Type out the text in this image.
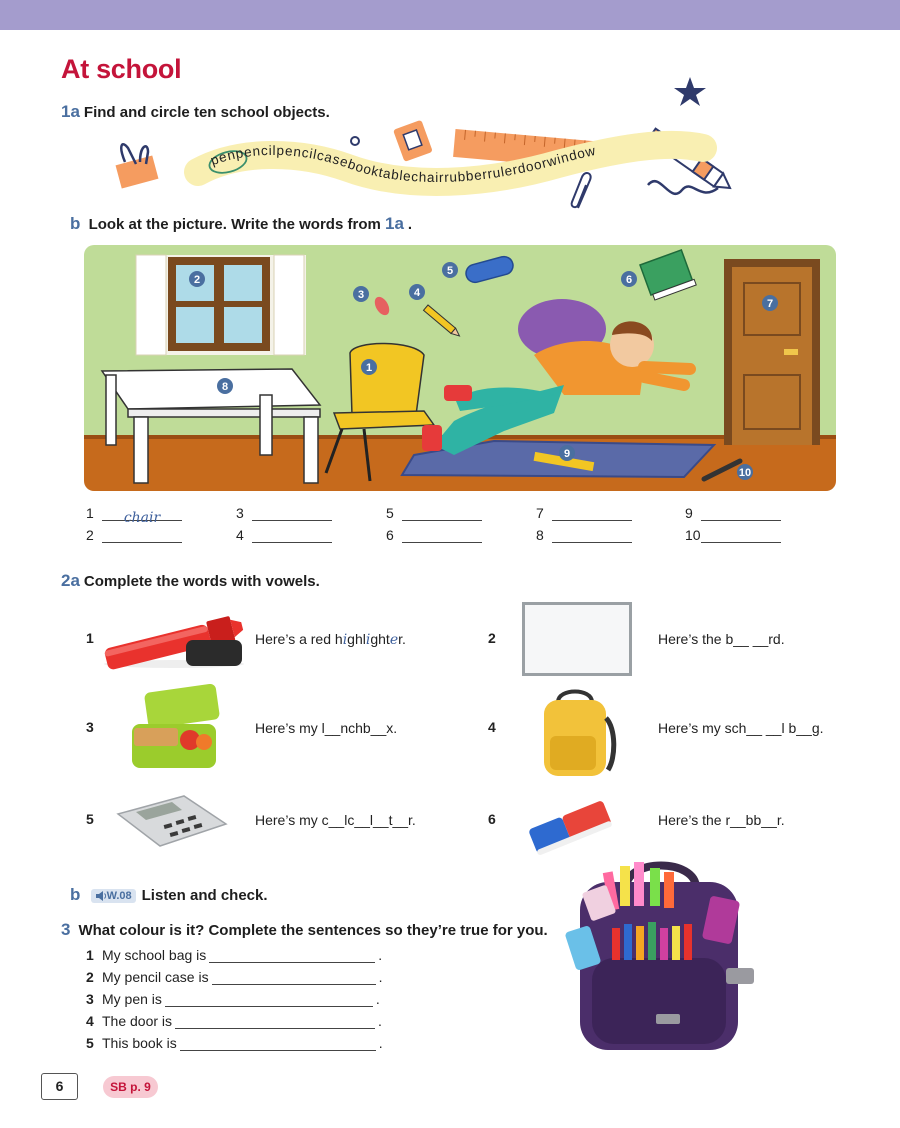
At school
1a Find and circle ten school objects.
penpencilpencilcasebooktablechairrubberrulerdoorwindow
b Look at the picture. Write the words from 1a .
2
8
3	4
5
1
6
7
9
10
1 chair
2
3
4
5
6
7
8
9
10
2a Complete the words with vowels.
1	Here’s a red highlighter.	2	Here’s the b__ __rd.
3	Here’s my l__nchb__x.	4	Here’s my sch__ __l b__g.
5	Here’s my c__lc__l__t__r.	6	Here’s the r__bb__r.
b W.08 Listen and check.
3 What colour is it? Complete the sentences so they’re true for you.
1 My school bag is	.
2 My pencil case is	.
3 My pen is	.
4 The door is	.
5 This book is	.
6	SB p. 9
